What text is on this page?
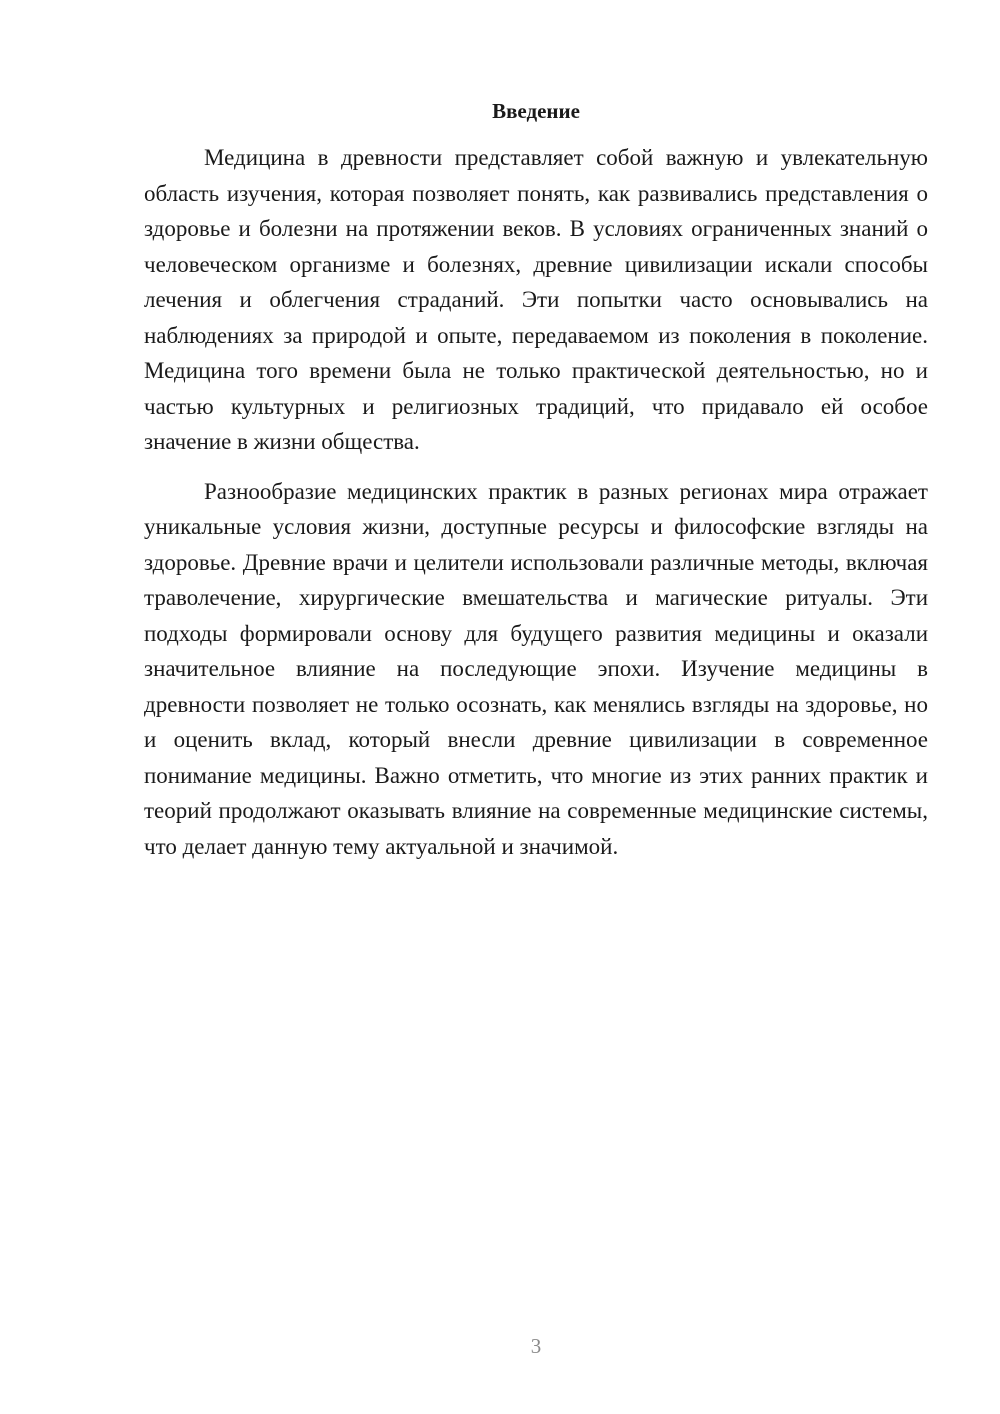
Введение

Медицина в древности представляет собой важную и увлекательную область изучения, которая позволяет понять, как развивались представления о здоровье и болезни на протяжении веков. В условиях ограниченных знаний о человеческом организме и болезнях, древние цивилизации искали способы лечения и облегчения страданий. Эти попытки часто основывались на наблюдениях за природой и опыте, передаваемом из поколения в поколение. Медицина того времени была не только практической деятельностью, но и частью культурных и религиозных традиций, что придавало ей особое значение в жизни общества.

Разнообразие медицинских практик в разных регионах мира отражает уникальные условия жизни, доступные ресурсы и философские взгляды на здоровье. Древние врачи и целители использовали различные методы, включая траволечение, хирургические вмешательства и магические ритуалы. Эти подходы формировали основу для будущего развития медицины и оказали значительное влияние на последующие эпохи. Изучение медицины в древности позволяет не только осознать, как менялись взгляды на здоровье, но и оценить вклад, который внесли древние цивилизации в современное понимание медицины. Важно отметить, что многие из этих ранних практик и теорий продолжают оказывать влияние на современные медицинские системы, что делает данную тему актуальной и значимой.

3
